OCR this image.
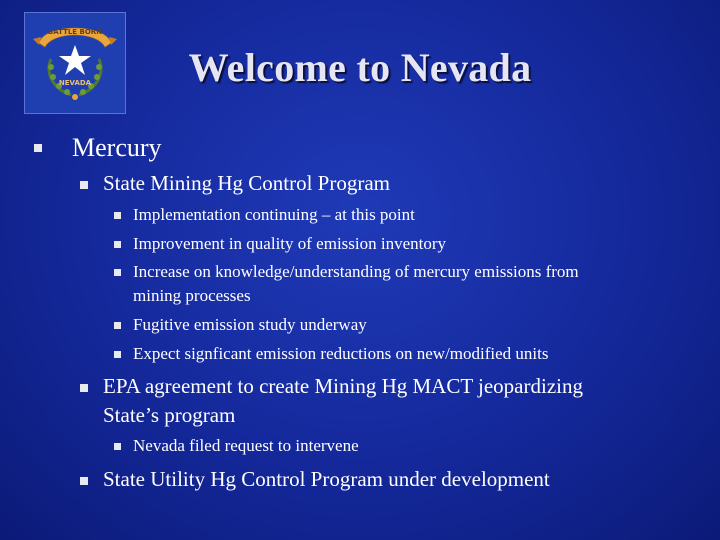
BATTLE BORN
NEVADA	Welcome to Nevada

Mercury

State Mining Hg Control Program

Implementation continuing – at this point

Improvement in quality of emission inventory

Increase on knowledge/understanding of mercury emissions from

mining processes

Fugitive emission study underway

Expect signficant emission reductions on new/modified units

EPA agreement to create Mining Hg MACT jeopardizing

State’s program

Nevada filed request to intervene

State Utility Hg Control Program under development
